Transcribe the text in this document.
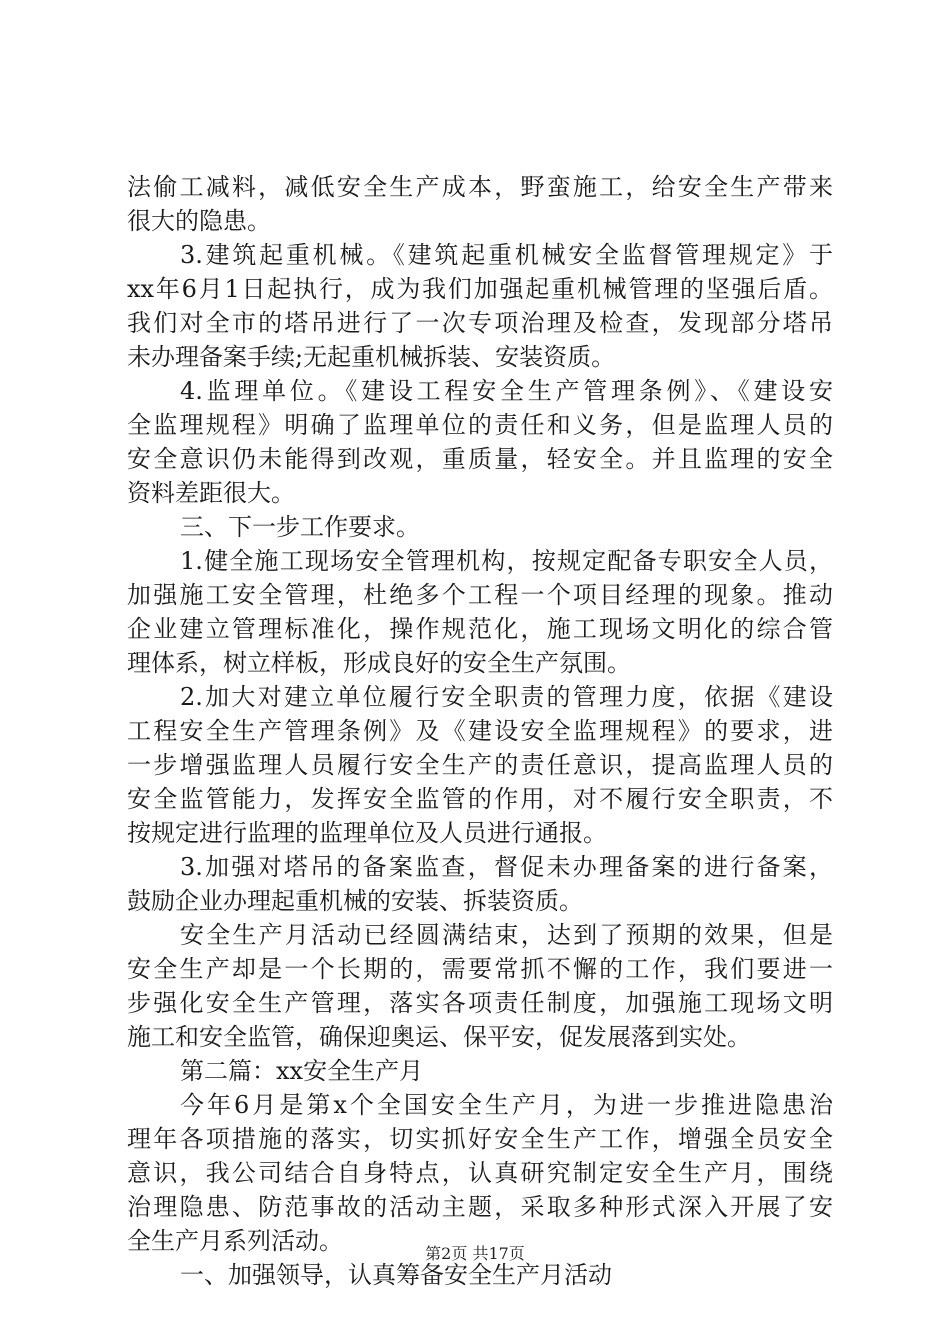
法偷工减料，减低安全生产成本，野蛮施工，给安全生产带来
很大的隐患。
3.建筑起重机械。《建筑起重机械安全监督管理规定》于
xx年6月1日起执行，成为我们加强起重机械管理的坚强后盾。
我们对全市的塔吊进行了一次专项治理及检查，发现部分塔吊
未办理备案手续;无起重机械拆装、安装资质。
4.监理单位。《建设工程安全生产管理条例》、《建设安
全监理规程》明确了监理单位的责任和义务，但是监理人员的
安全意识仍未能得到改观，重质量，轻安全。并且监理的安全
资料差距很大。
三、下一步工作要求。
1.健全施工现场安全管理机构，按规定配备专职安全人员，
加强施工安全管理，杜绝多个工程一个项目经理的现象。推动
企业建立管理标准化，操作规范化，施工现场文明化的综合管
理体系，树立样板，形成良好的安全生产氛围。
2.加大对建立单位履行安全职责的管理力度，依据《建设
工程安全生产管理条例》及《建设安全监理规程》的要求，进
一步增强监理人员履行安全生产的责任意识，提高监理人员的
安全监管能力，发挥安全监管的作用，对不履行安全职责，不
按规定进行监理的监理单位及人员进行通报。
3.加强对塔吊的备案监查，督促未办理备案的进行备案，
鼓励企业办理起重机械的安装、拆装资质。
安全生产月活动已经圆满结束，达到了预期的效果，但是
安全生产却是一个长期的，需要常抓不懈的工作，我们要进一
步强化安全生产管理，落实各项责任制度，加强施工现场文明
施工和安全监管，确保迎奥运、保平安，促发展落到实处。
第二篇：xx安全生产月
今年6月是第x个全国安全生产月，为进一步推进隐患治
理年各项措施的落实，切实抓好安全生产工作，增强全员安全
意识，我公司结合自身特点，认真研究制定安全生产月，围绕
治理隐患、防范事故的活动主题，采取多种形式深入开展了安
全生产月系列活动。
一、加强领导，认真筹备安全生产月活动
第2页 共17页
